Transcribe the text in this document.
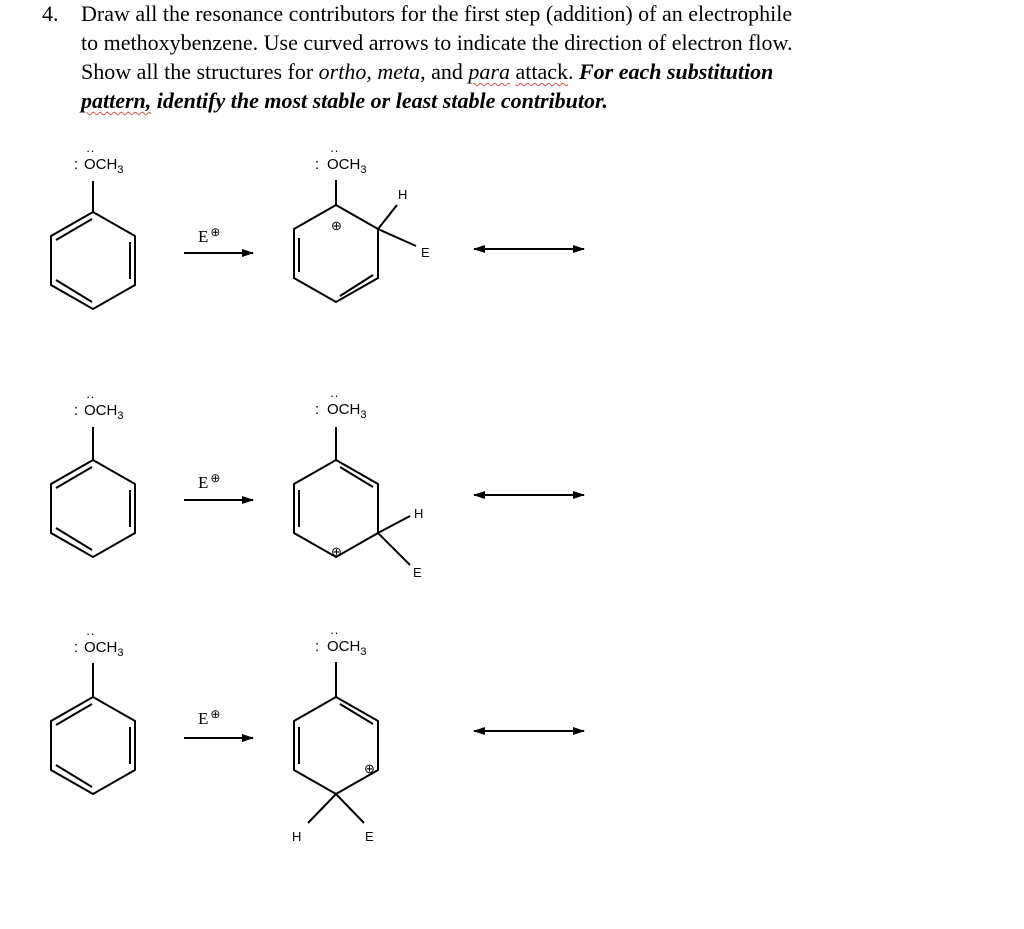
4. Draw all the resonance contributors for the first step (addition) of an electrophile
to methoxybenzene. Use curved arrows to indicate the direction of electron flow.
Show all the structures for ortho, meta, and para attack. For each substitution
pattern, identify the most stable or least stable contributor.
:
··
$OCH_3$
E ⊕
:
··
$OCH_3$
⊕
H
E
:
··
$OCH_3$
E ⊕
:
··
$OCH_3$
⊕
H
E
:
··
$OCH_3$
E ⊕
:
··
$OCH_3$
⊕
H	E
